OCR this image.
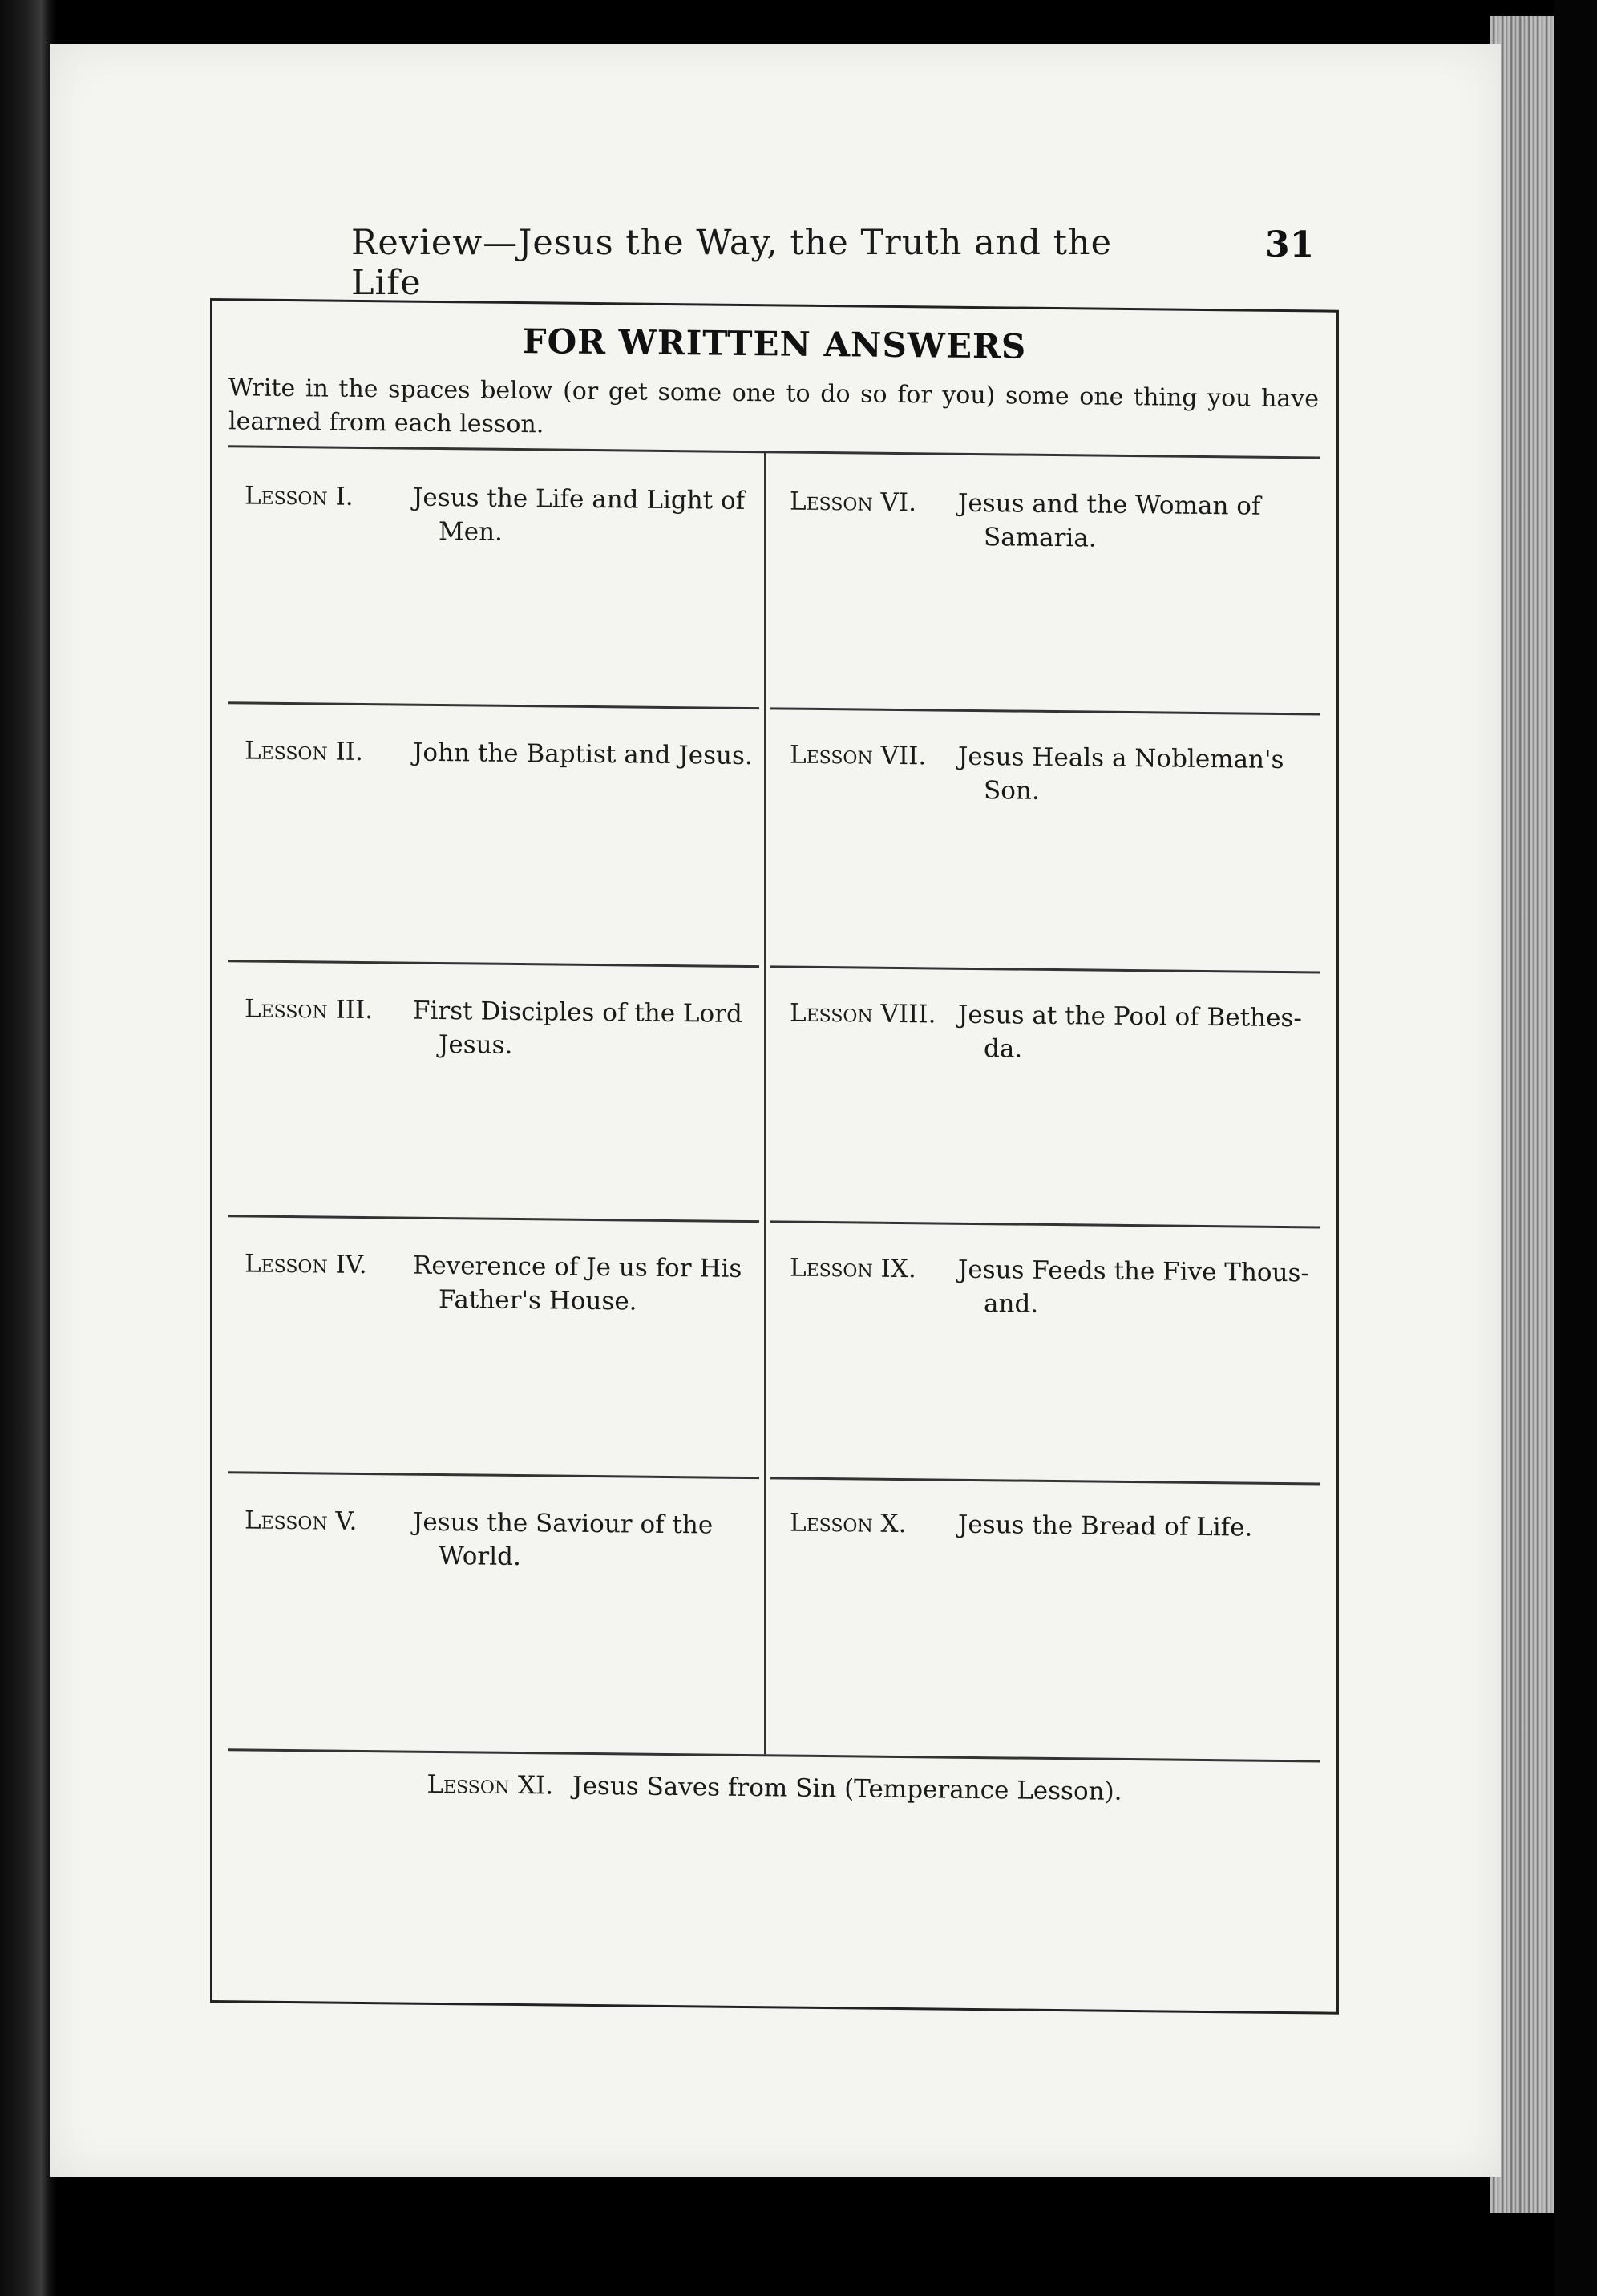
Review—Jesus the Way, the Truth and the Life
31
FOR WRITTEN ANSWERS
Write in the spaces below (or get some one to do so for you) some one thing you have learned from each lesson.
Lesson I. Jesus the Life and Light of
Men.
Lesson II. John the Baptist and Jesus.
Lesson III. First Disciples of the Lord
Jesus.
Lesson IV. Reverence of Je us for His
Father's House.
Lesson V. Jesus the Saviour of the
World.
Lesson VI. Jesus and the Woman of
Samaria.
Lesson VII. Jesus Heals a Nobleman's
Son.
Lesson VIII. Jesus at the Pool of Bethes-
da.
Lesson IX. Jesus Feeds the Five Thous-
and.
Lesson X. Jesus the Bread of Life.
Lesson XI. Jesus Saves from Sin (Temperance Lesson).
